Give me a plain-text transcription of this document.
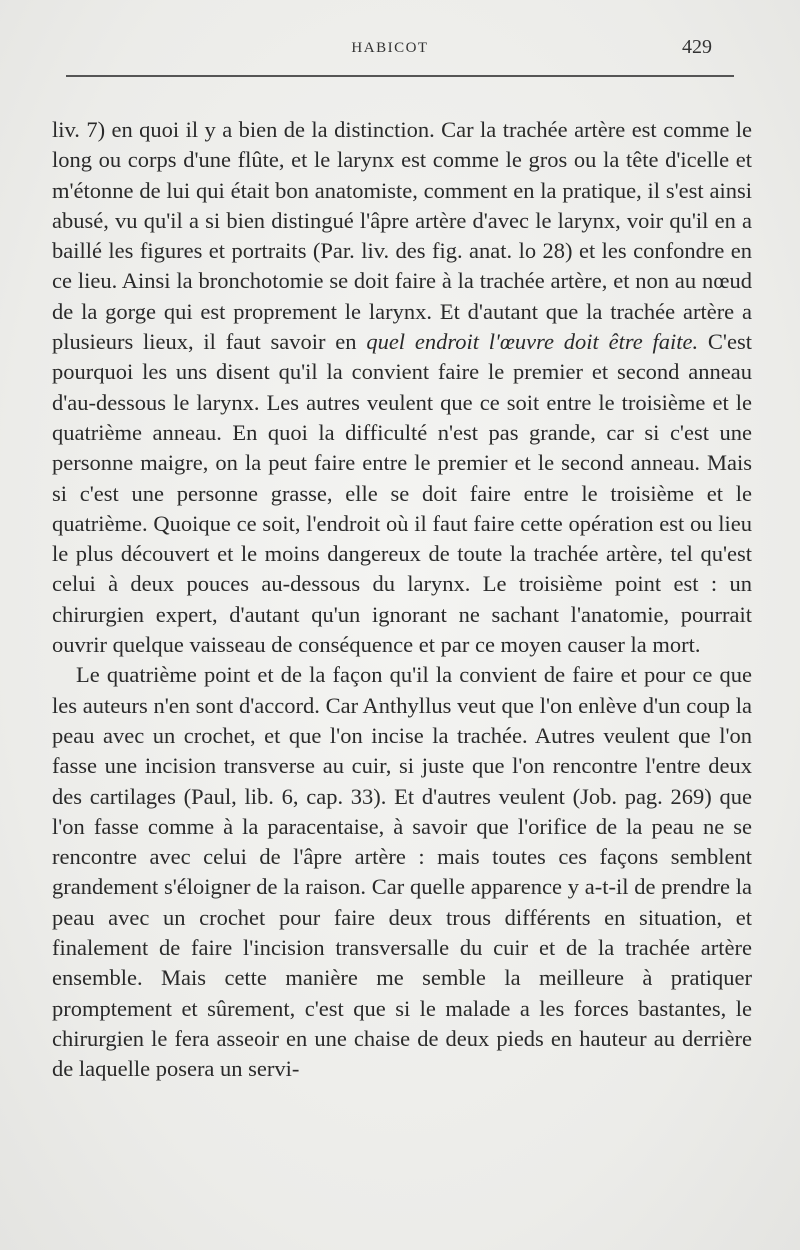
HABICOT	429

liv. 7) en quoi il y a bien de la distinction. Car la trachée artère est comme le long ou corps d'une flûte, et le larynx est comme le gros ou la tête d'icelle et m'étonne de lui qui était bon anatomiste, comment en la pratique, il s'est ainsi abusé, vu qu'il a si bien distingué l'âpre artère d'avec le larynx, voir qu'il en a baillé les figures et portraits (Par. liv. des fig. anat. lo 28) et les confondre en ce lieu. Ainsi la bronchotomie se doit faire à la trachée artère, et non au nœud de la gorge qui est proprement le larynx. Et d'autant que la trachée artère a plusieurs lieux, il faut savoir en quel endroit l'œuvre doit être faite. C'est pourquoi les uns disent qu'il la convient faire le premier et second anneau d'au-dessous le larynx. Les autres veulent que ce soit entre le troisième et le quatrième anneau. En quoi la difficulté n'est pas grande, car si c'est une personne maigre, on la peut faire entre le premier et le second anneau. Mais si c'est une personne grasse, elle se doit faire entre le troisième et le quatrième. Quoique ce soit, l'endroit où il faut faire cette opération est ou lieu le plus découvert et le moins dangereux de toute la trachée artère, tel qu'est celui à deux pouces au-dessous du larynx. Le troisième point est : un chirurgien expert, d'autant qu'un ignorant ne sachant l'anatomie, pourrait ouvrir quelque vaisseau de conséquence et par ce moyen causer la mort.

Le quatrième point et de la façon qu'il la convient de faire et pour ce que les auteurs n'en sont d'accord. Car Anthyllus veut que l'on enlève d'un coup la peau avec un crochet, et que l'on incise la trachée. Autres veulent que l'on fasse une incision transverse au cuir, si juste que l'on rencontre l'entre deux des cartilages (Paul, lib. 6, cap. 33). Et d'autres veulent (Job. pag. 269) que l'on fasse comme à la paracentaise, à savoir que l'orifice de la peau ne se rencontre avec celui de l'âpre artère : mais toutes ces façons semblent grandement s'éloigner de la raison. Car quelle apparence y a-t-il de prendre la peau avec un crochet pour faire deux trous différents en situation, et finalement de faire l'incision transversalle du cuir et de la trachée artère ensemble. Mais cette manière me semble la meilleure à pratiquer promptement et sûrement, c'est que si le malade a les forces bastantes, le chirurgien le fera asseoir en une chaise de deux pieds en hauteur au derrière de laquelle posera un servi-
